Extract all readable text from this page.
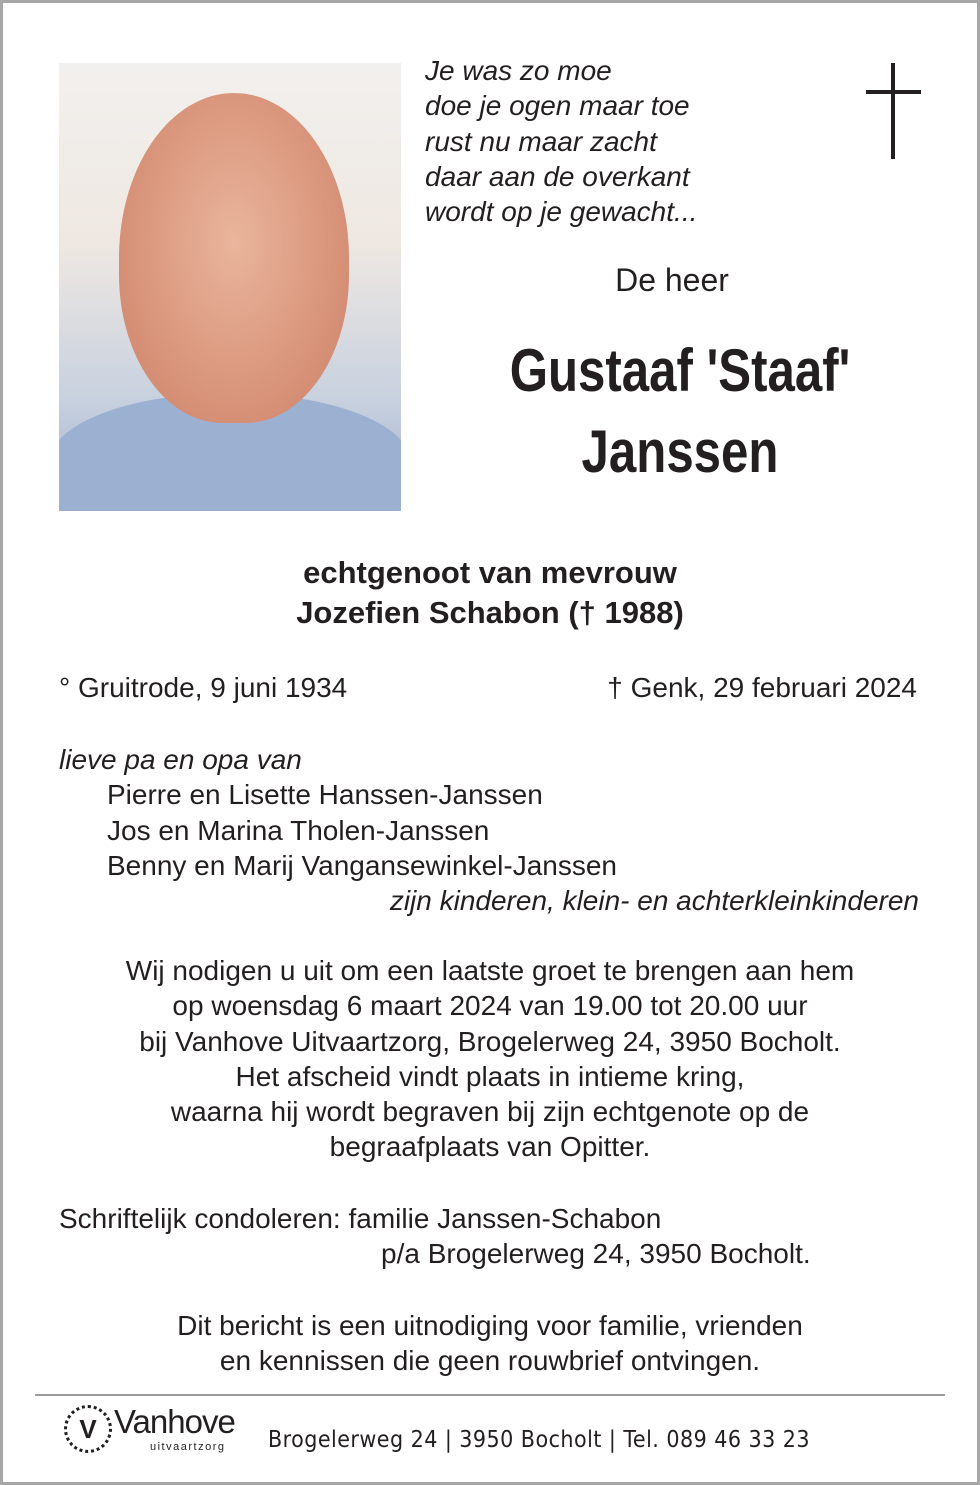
Je was zo moe
doe je ogen maar toe
rust nu maar zacht
daar aan de overkant
wordt op je gewacht...
De heer
Gustaaf 'Staaf'
Janssen
echtgenoot van mevrouw
Jozefien Schabon († 1988)
° Gruitrode, 9 juni 1934	† Genk, 29 februari 2024
lieve pa en opa van
Pierre en Lisette Hanssen-Janssen
Jos en Marina Tholen-Janssen
Benny en Marij Vangansewinkel-Janssen
zijn kinderen, klein- en achterkleinkinderen
Wij nodigen u uit om een laatste groet te brengen aan hem
op woensdag 6 maart 2024 van 19.00 tot 20.00 uur
bij Vanhove Uitvaartzorg, Brogelerweg 24, 3950 Bocholt.
Het afscheid vindt plaats in intieme kring,
waarna hij wordt begraven bij zijn echtgenote op de
begraafplaats van Opitter.
Schriftelijk condoleren: familie Janssen-Schabon
p/a Brogelerweg 24, 3950 Bocholt.
Dit bericht is een uitnodiging voor familie, vrienden
en kennissen die geen rouwbrief ontvingen.
V Vanhove
uitvaartzorg Brogelerweg 24 | 3950 Bocholt | Tel. 089 46 33 23
